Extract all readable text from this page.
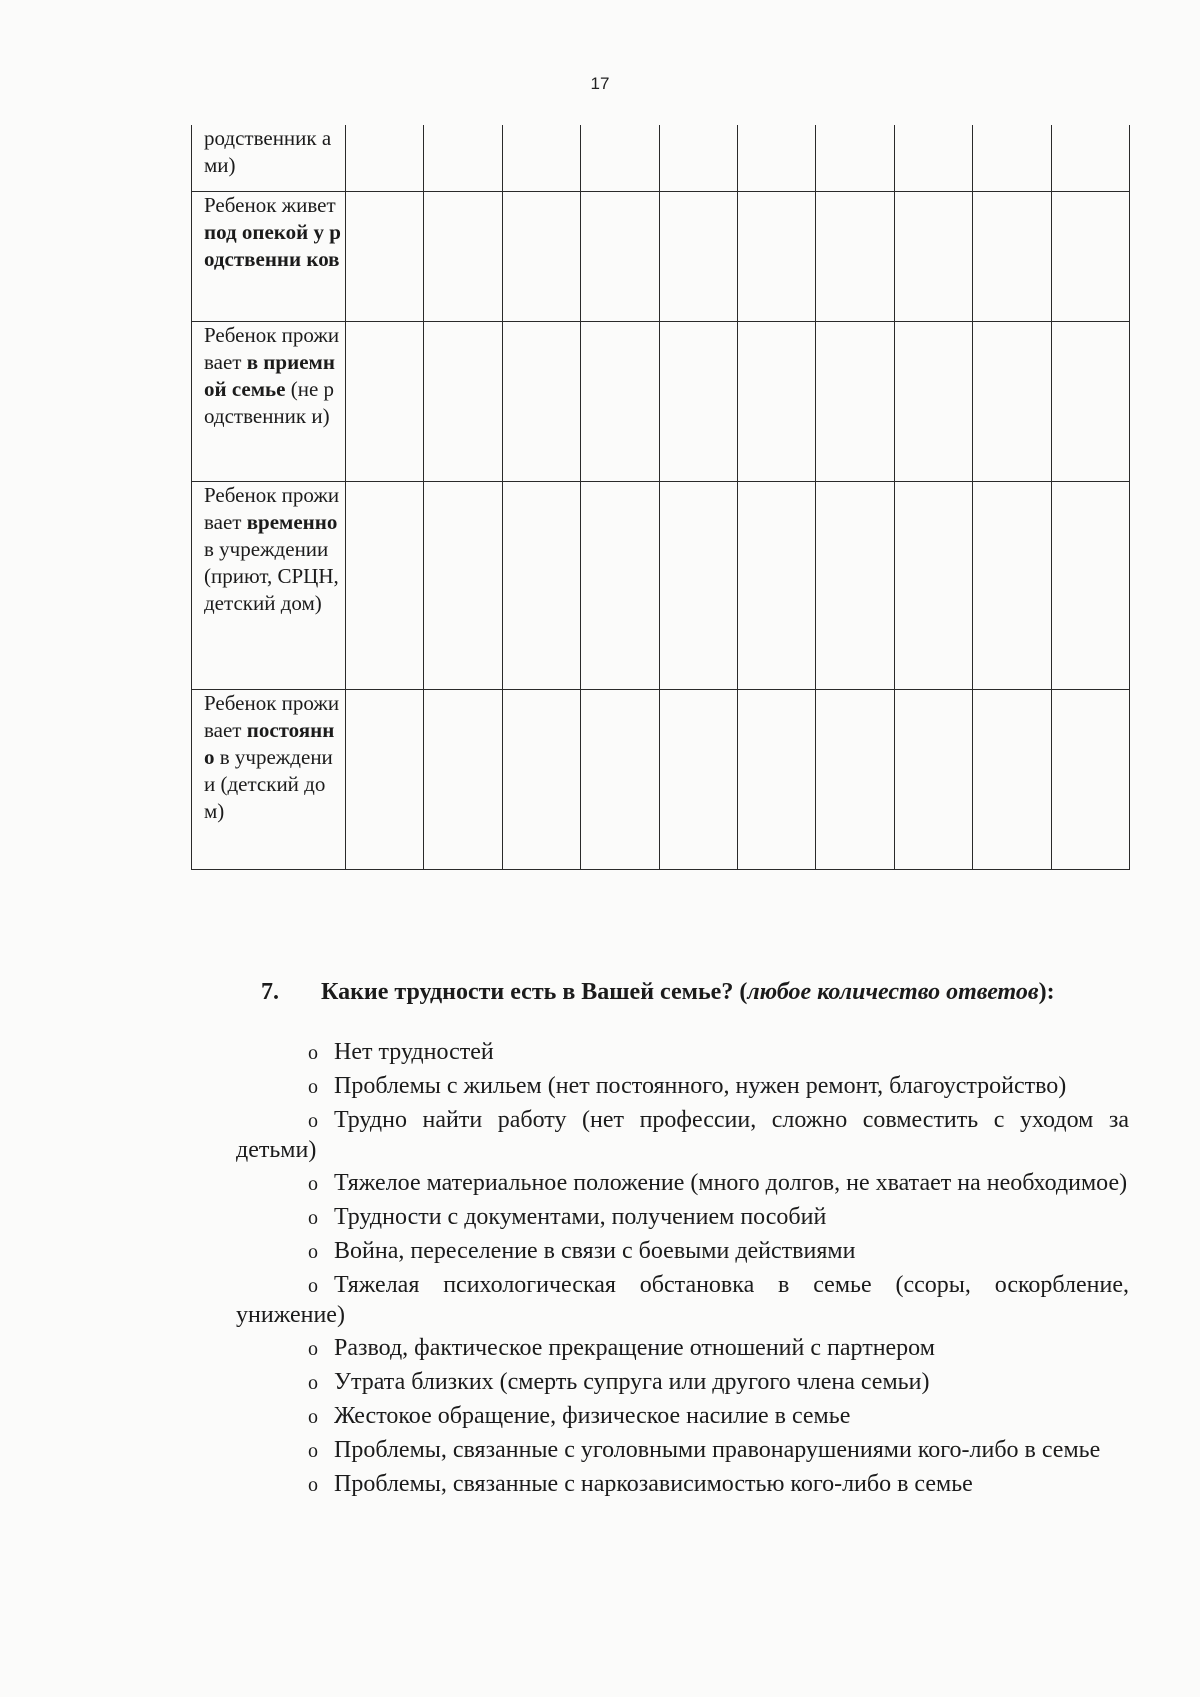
17
родственник ами)										
Ребенок живет под опекой у родственни ков										
Ребенок проживает в приемной семье (не родственник и)										
Ребенок проживает временно в учреждении (приют, СРЦН, детский дом)										
Ребенок проживает постоянно в учреждении (детский дом)										
7. Какие трудности есть в Вашей семье? (любое количество ответов):
o Нет трудностей
o Проблемы с жильем (нет постоянного, нужен ремонт, благоустройство)
o Трудно найти работу (нет профессии, сложно совместить с уходом за детьми)
o Тяжелое материальное положение (много долгов, не хватает на необходимое)
o Трудности с документами, получением пособий
o Война, переселение в связи с боевыми действиями
o Тяжелая психологическая обстановка в семье (ссоры, оскорбление, унижение)
o Развод, фактическое прекращение отношений с партнером
o Утрата близких (смерть супруга или другого члена семьи)
o Жестокое обращение, физическое насилие в семье
o Проблемы, связанные с уголовными правонарушениями кого-либо в семье
o Проблемы, связанные с наркозависимостью кого-либо в семье
